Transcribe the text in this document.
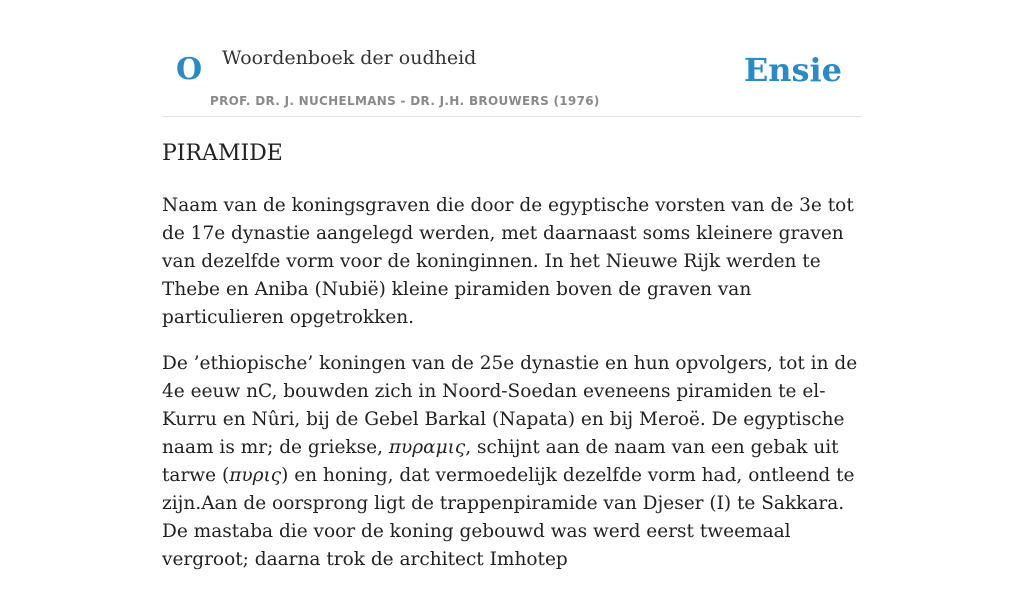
O Woordenboek der oudheid
PROF. DR. J. NUCHELMANS - DR. J.H. BROUWERS (1976)
Ensie
PIRAMIDE

Naam van de koningsgraven die door de egyptische vorsten van de 3e tot de 17e dynastie aangelegd werden, met daarnaast soms kleinere graven van dezelfde vorm voor de koninginnen. In het Nieuwe Rijk werden te Thebe en Aniba (Nubië) kleine piramiden boven de graven van particulieren opgetrokken.

De ’ethiopische’ koningen van de 25e dynastie en hun opvolgers, tot in de 4e eeuw nC, bouwden zich in Noord-Soedan eveneens piramiden te el-Kurru en Nûri, bij de Gebel Barkal (Napata) en bij Meroë. De egyptische naam is mr; de griekse, πυραμις, schijnt aan de naam van een gebak uit tarwe (πυρις) en honing, dat vermoedelijk dezelfde vorm had, ontleend te zijn.Aan de oorsprong ligt de trappenpiramide van Djeser (I) te Sakkara. De mastaba die voor de koning gebouwd was werd eerst tweemaal vergroot; daarna trok de architect Imhotep
